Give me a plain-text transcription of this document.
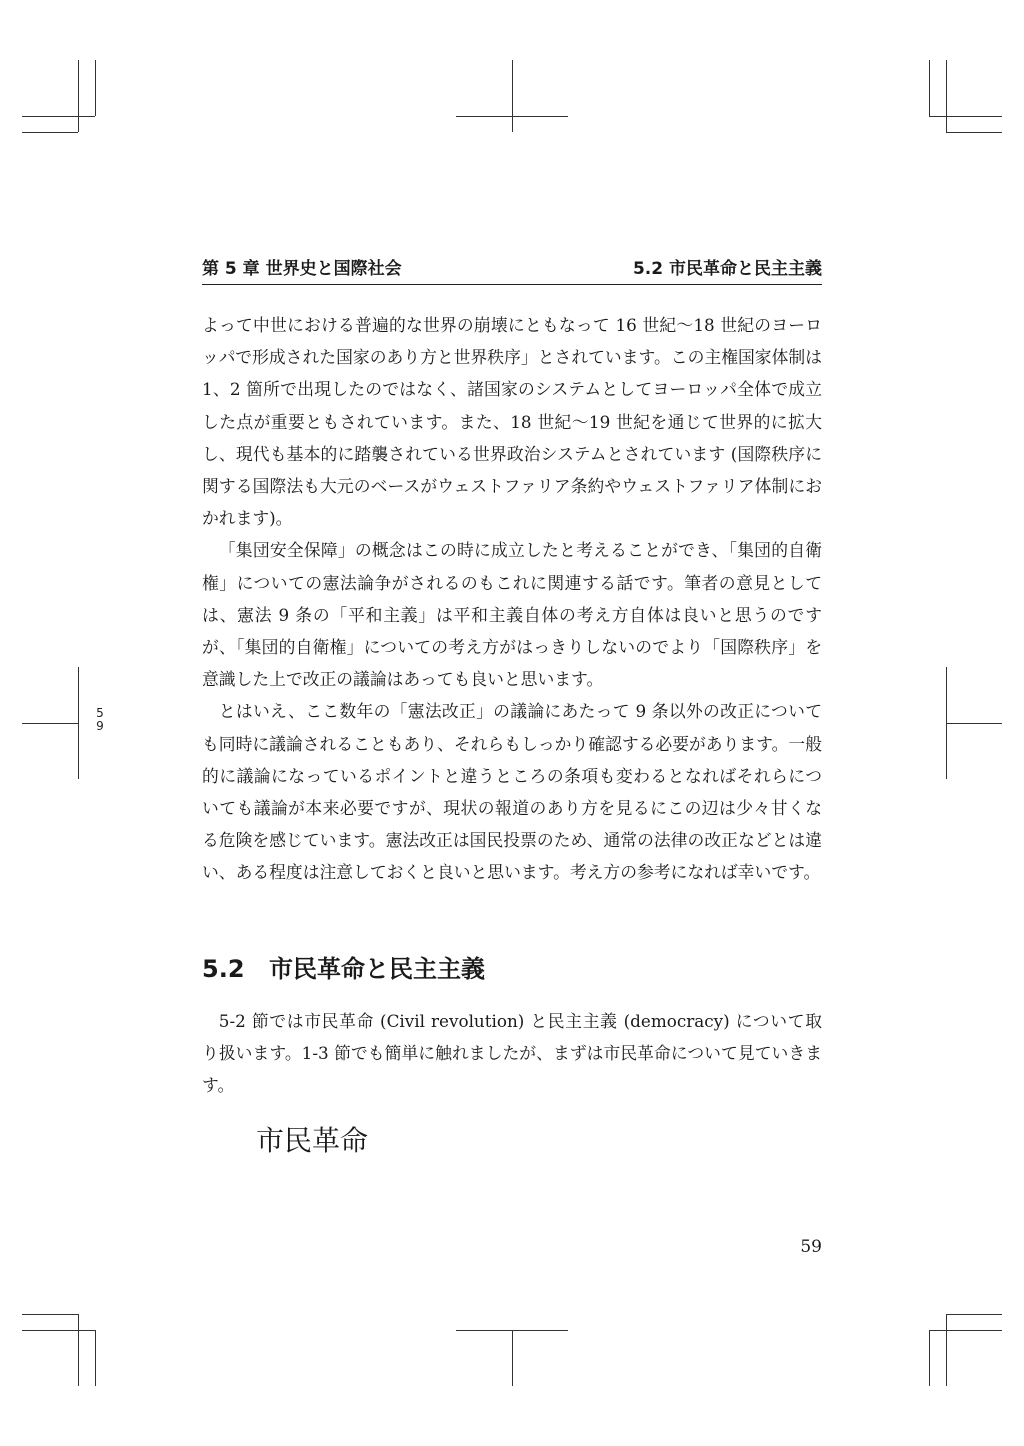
5 9
第 5 章 世界史と国際社会	5.2 市民革命と民主主義

よって中世における普遍的な世界の崩壊にともなって 16 世紀〜18 世紀のヨーロッパで形成された国家のあり方と世界秩序」とされています。この主権国家体制は 1、2 箇所で出現したのではなく、諸国家のシステムとしてヨーロッパ全体で成立した点が重要ともされています。また、18 世紀〜19 世紀を通じて世界的に拡大し、現代も基本的に踏襲されている世界政治システムとされています (国際秩序に関する国際法も大元のベースがウェストファリア条約やウェストファリア体制におかれます)。

「集団安全保障」の概念はこの時に成立したと考えることができ、「集団的自衛権」についての憲法論争がされるのもこれに関連する話です。筆者の意見としては、憲法 9 条の「平和主義」は平和主義自体の考え方自体は良いと思うのですが、「集団的自衛権」についての考え方がはっきりしないのでより「国際秩序」を意識した上で改正の議論はあっても良いと思います。

とはいえ、ここ数年の「憲法改正」の議論にあたって 9 条以外の改正についても同時に議論されることもあり、それらもしっかり確認する必要があります。一般的に議論になっているポイントと違うところの条項も変わるとなればそれらについても議論が本来必要ですが、現状の報道のあり方を見るにこの辺は少々甘くなる危険を感じています。憲法改正は国民投票のため、通常の法律の改正などとは違い、ある程度は注意しておくと良いと思います。考え方の参考になれば幸いです。

5.2 市民革命と民主主義

5-2 節では市民革命 (Civil revolution) と民主主義 (democracy) について取り扱います。1-3 節でも簡単に触れましたが、まずは市民革命について見ていきます。

市民革命
59
